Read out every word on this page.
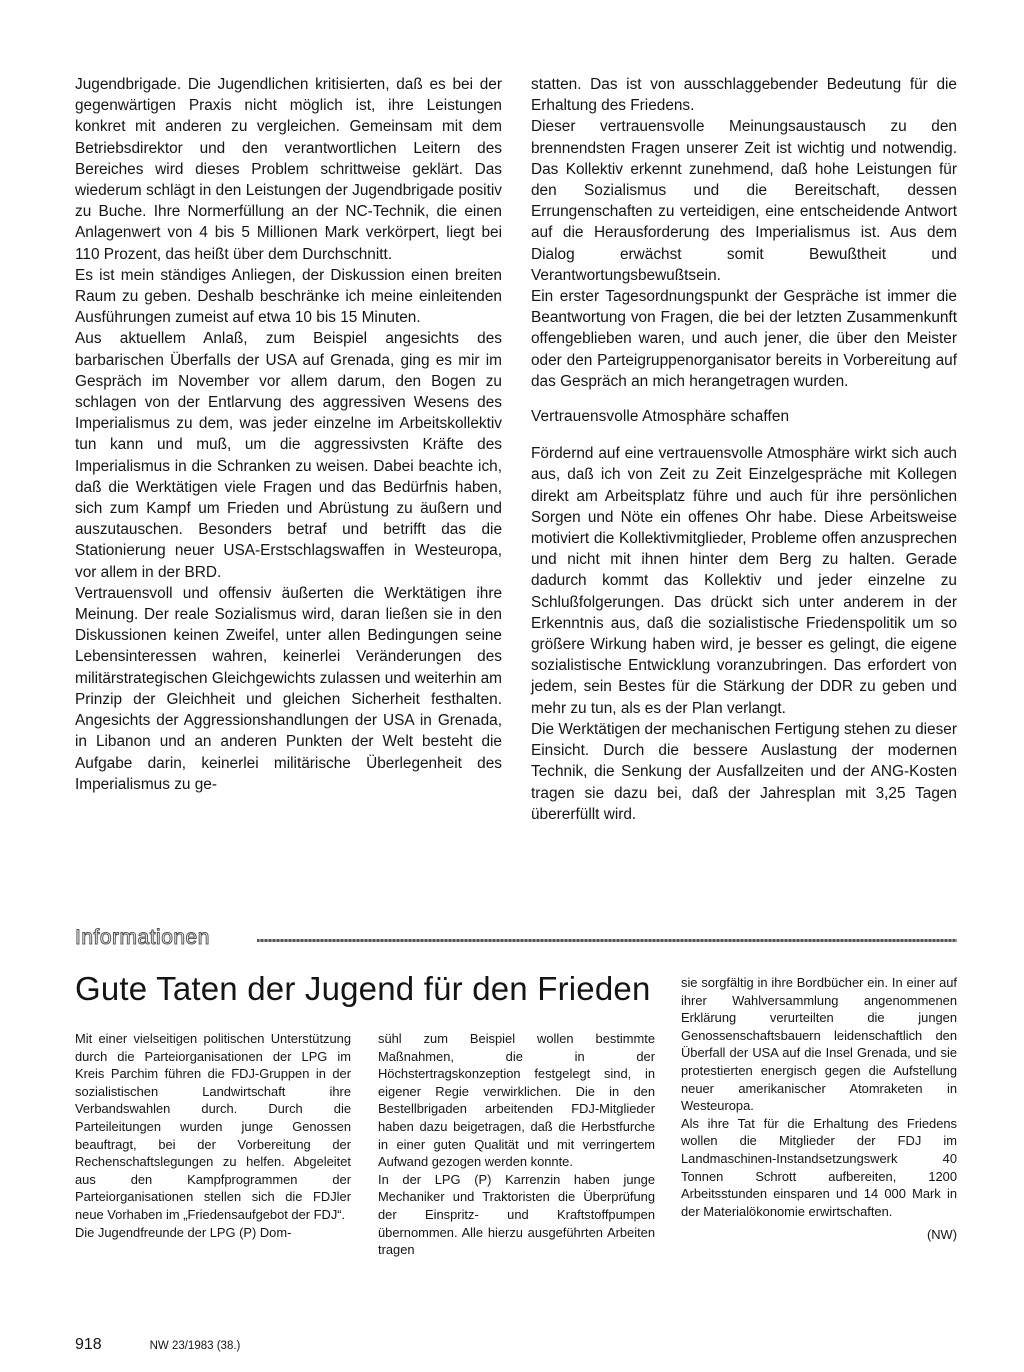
Jugendbrigade. Die Jugendlichen kritisierten, daß es bei der gegenwärtigen Praxis nicht möglich ist, ihre Leistungen konkret mit anderen zu vergleichen. Gemeinsam mit dem Betriebsdirektor und den verantwortlichen Leitern des Bereiches wird dieses Problem schrittweise geklärt. Das wiederum schlägt in den Leistungen der Jugendbrigade positiv zu Buche. Ihre Normerfüllung an der NC-Technik, die einen Anlagenwert von 4 bis 5 Millionen Mark verkörpert, liegt bei 110 Prozent, das heißt über dem Durchschnitt.

Es ist mein ständiges Anliegen, der Diskussion einen breiten Raum zu geben. Deshalb beschränke ich meine einleitenden Ausführungen zumeist auf etwa 10 bis 15 Minuten.

Aus aktuellem Anlaß, zum Beispiel angesichts des barbarischen Überfalls der USA auf Grenada, ging es mir im Gespräch im November vor allem darum, den Bogen zu schlagen von der Entlarvung des aggressiven Wesens des Imperialismus zu dem, was jeder einzelne im Arbeitskollektiv tun kann und muß, um die aggressivsten Kräfte des Imperialismus in die Schranken zu weisen. Dabei beachte ich, daß die Werktätigen viele Fragen und das Bedürfnis haben, sich zum Kampf um Frieden und Abrüstung zu äußern und auszutauschen. Besonders betraf und betrifft das die Stationierung neuer USA-Erstschlagswaffen in Westeuropa, vor allem in der BRD.

Vertrauensvoll und offensiv äußerten die Werktätigen ihre Meinung. Der reale Sozialismus wird, daran ließen sie in den Diskussionen keinen Zweifel, unter allen Bedingungen seine Lebensinteressen wahren, keinerlei Veränderungen des militärstrategischen Gleichgewichts zulassen und weiterhin am Prinzip der Gleichheit und gleichen Sicherheit festhalten. Angesichts der Aggressionshandlungen der USA in Grenada, in Libanon und an anderen Punkten der Welt besteht die Aufgabe darin, keinerlei militärische Überlegenheit des Imperialismus zu ge-

statten. Das ist von ausschlaggebender Bedeutung für die Erhaltung des Friedens.

Dieser vertrauensvolle Meinungsaustausch zu den brennendsten Fragen unserer Zeit ist wichtig und notwendig. Das Kollektiv erkennt zunehmend, daß hohe Leistungen für den Sozialismus und die Bereitschaft, dessen Errungenschaften zu verteidigen, eine entscheidende Antwort auf die Herausforderung des Imperialismus ist. Aus dem Dialog erwächst somit Bewußtheit und Verantwortungsbewußtsein.

Ein erster Tagesordnungspunkt der Gespräche ist immer die Beantwortung von Fragen, die bei der letzten Zusammenkunft offengeblieben waren, und auch jener, die über den Meister oder den Parteigruppenorganisator bereits in Vorbereitung auf das Gespräch an mich herangetragen wurden.

Vertrauensvolle Atmosphäre schaffen

Fördernd auf eine vertrauensvolle Atmosphäre wirkt sich auch aus, daß ich von Zeit zu Zeit Einzelgespräche mit Kollegen direkt am Arbeitsplatz führe und auch für ihre persönlichen Sorgen und Nöte ein offenes Ohr habe. Diese Arbeitsweise motiviert die Kollektivmitglieder, Probleme offen anzusprechen und nicht mit ihnen hinter dem Berg zu halten. Gerade dadurch kommt das Kollektiv und jeder einzelne zu Schlußfolgerungen. Das drückt sich unter anderem in der Erkenntnis aus, daß die sozialistische Friedenspolitik um so größere Wirkung haben wird, je besser es gelingt, die eigene sozialistische Entwicklung voranzubringen. Das erfordert von jedem, sein Bestes für die Stärkung der DDR zu geben und mehr zu tun, als es der Plan verlangt.

Die Werktätigen der mechanischen Fertigung stehen zu dieser Einsicht. Durch die bessere Auslastung der modernen Technik, die Senkung der Ausfallzeiten und der ANG-Kosten tragen sie dazu bei, daß der Jahresplan mit 3,25 Tagen übererfüllt wird.

Informationen
Gute Taten der Jugend für den Frieden

Mit einer vielseitigen politischen Unterstützung durch die Parteiorganisationen der LPG im Kreis Parchim führen die FDJ-Gruppen in der sozialistischen Landwirtschaft ihre Verbandswahlen durch. Durch die Parteileitungen wurden junge Genossen beauftragt, bei der Vorbereitung der Rechenschaftslegungen zu helfen. Abgeleitet aus den Kampfprogrammen der Parteiorganisationen stellen sich die FDJler neue Vorhaben im „Friedensaufgebot der FDJ“.

Die Jugendfreunde der LPG (P) Dom-

sühl zum Beispiel wollen bestimmte Maßnahmen, die in der Höchstertragskonzeption festgelegt sind, in eigener Regie verwirklichen. Die in den Bestellbrigaden arbeitenden FDJ-Mitglieder haben dazu beigetragen, daß die Herbstfurche in einer guten Qualität und mit verringertem Aufwand gezogen werden konnte.

In der LPG (P) Karrenzin haben junge Mechaniker und Traktoristen die Überprüfung der Einspritz- und Kraftstoffpumpen übernommen. Alle hierzu ausgeführten Arbeiten tragen

sie sorgfältig in ihre Bordbücher ein. In einer auf ihrer Wahlversammlung angenommenen Erklärung verurteilten die jungen Genossenschaftsbauern leidenschaftlich den Überfall der USA auf die Insel Grenada, und sie protestierten energisch gegen die Aufstellung neuer amerikanischer Atomraketen in Westeuropa.

Als ihre Tat für die Erhaltung des Friedens wollen die Mitglieder der FDJ im Landmaschinen-Instandsetzungswerk 40 Tonnen Schrott aufbereiten, 1200 Arbeitsstunden einsparen und 14 000 Mark in der Materialökonomie erwirtschaften.

(NW)

918	NW 23/1983 (38.)
